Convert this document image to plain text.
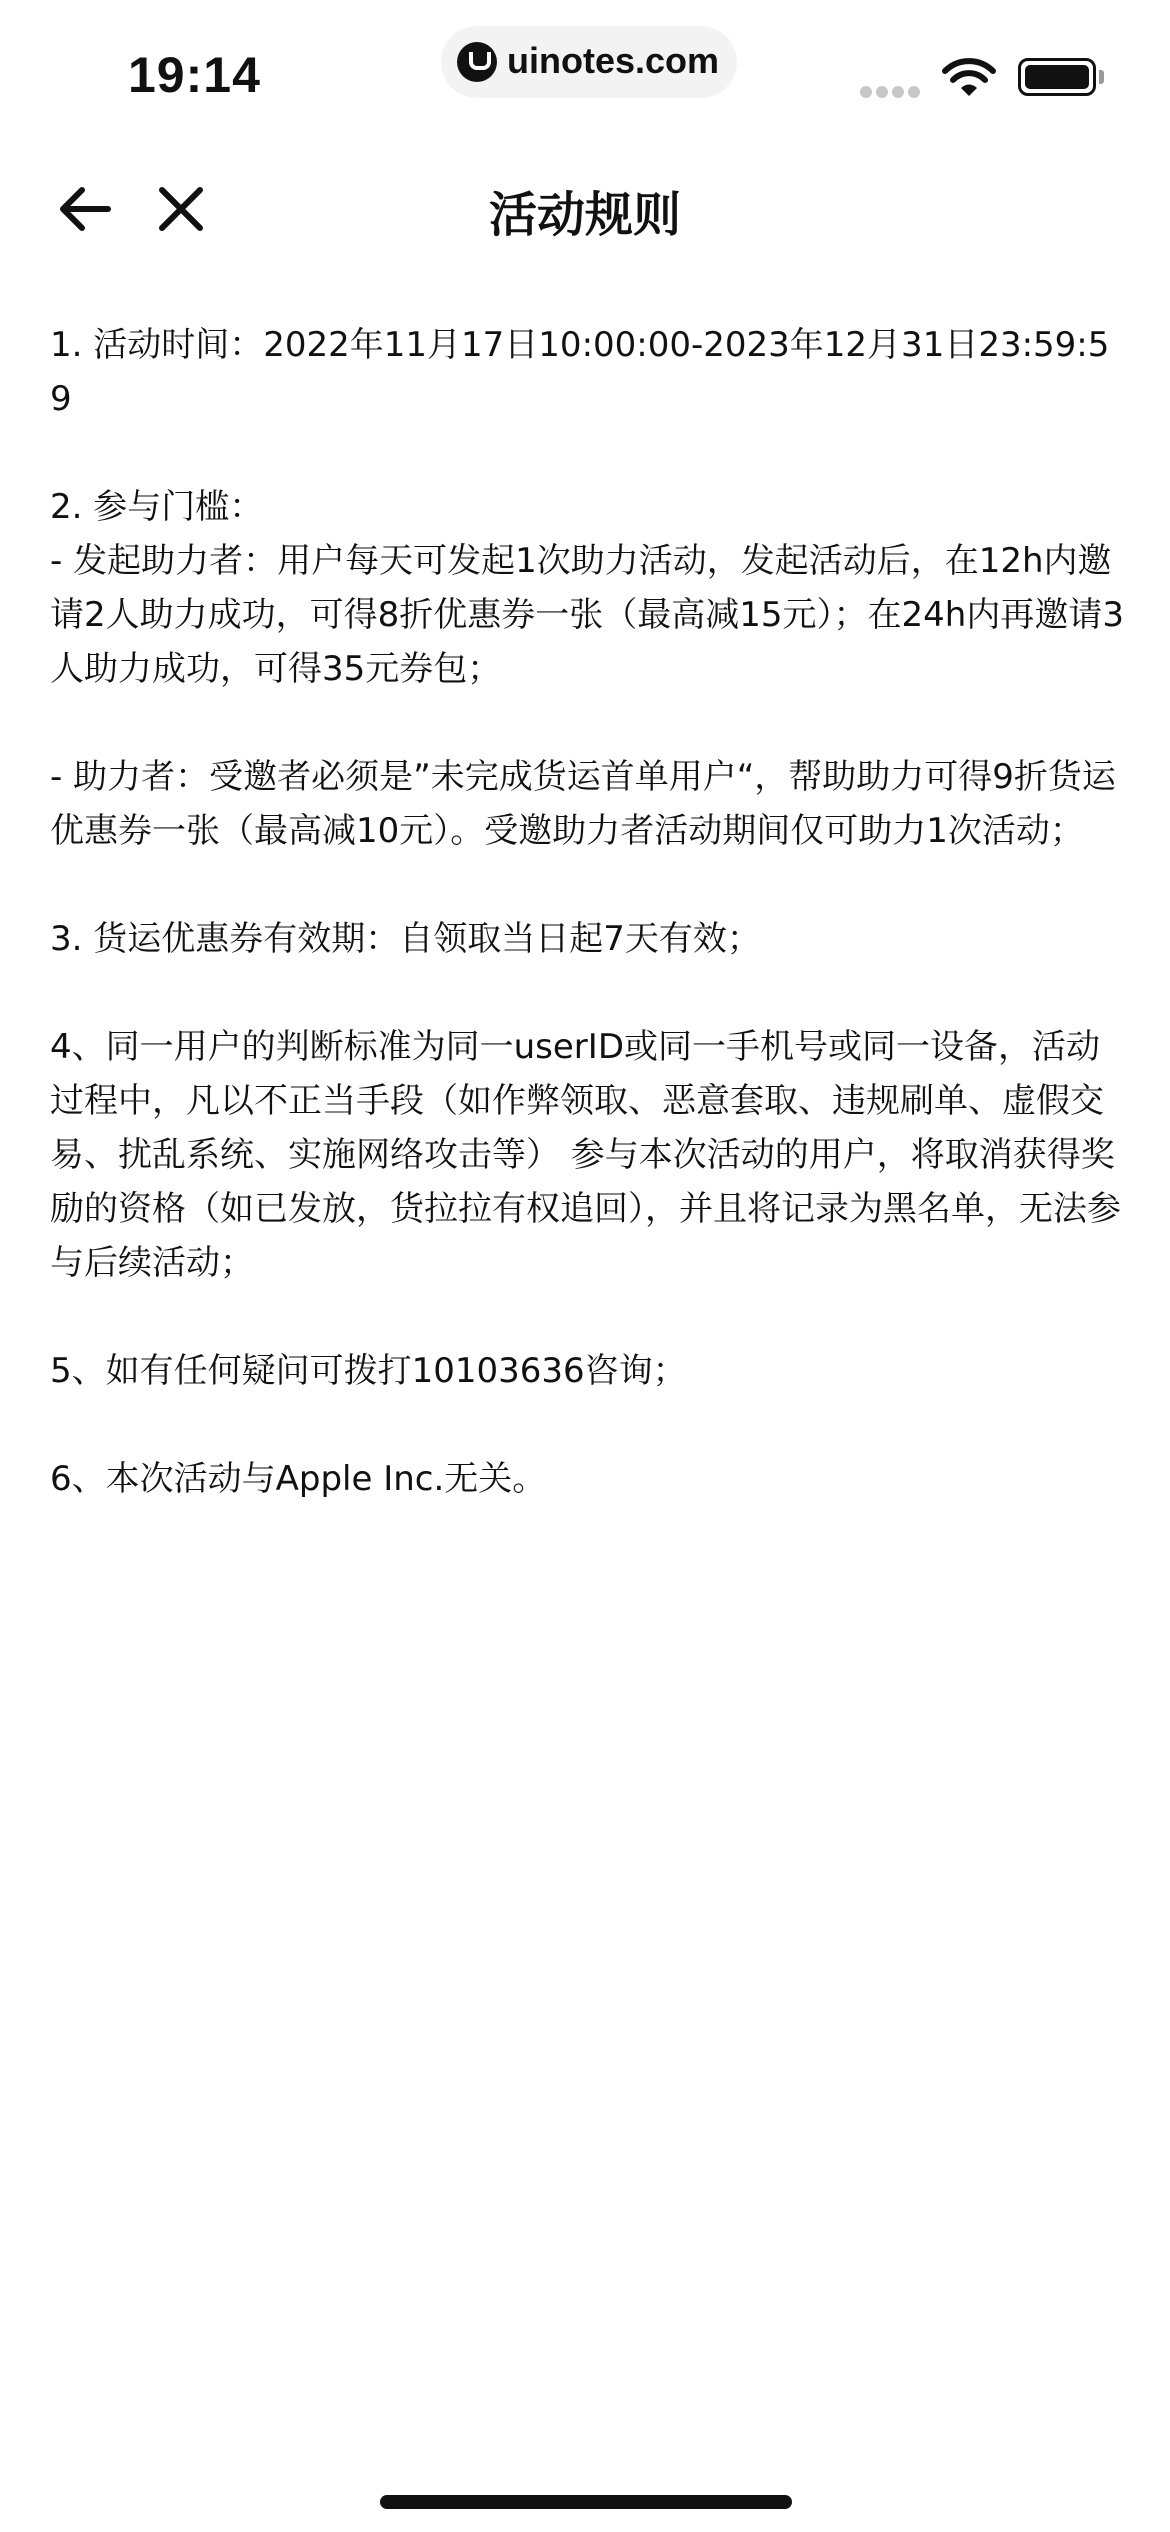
19:14	uinotes.com
活动规则

1. 活动时间：2022年11月17日10:00:00-2023年12月31日23:59:59

2. 参与门槛：

- 发起助力者：用户每天可发起1次助力活动，发起活动后，在12h内邀请2人助力成功，可得8折优惠券一张（最高减15元）；在24h内再邀请3人助力成功，可得35元券包；

- 助力者：受邀者必须是”未完成货运首单用户“，帮助助力可得9折货运优惠券一张（最高减10元）。受邀助力者活动期间仅可助力1次活动；

3. 货运优惠券有效期：自领取当日起7天有效；

4、同一用户的判断标准为同一userID或同一手机号或同一设备，活动过程中，凡以不正当手段（如作弊领取、恶意套取、违规刷单、虚假交易、扰乱系统、实施网络攻击等） 参与本次活动的用户，将取消获得奖励的资格（如已发放，货拉拉有权追回），并且将记录为黑名单，无法参与后续活动；

5、如有任何疑问可拨打10103636咨询；

6、本次活动与Apple Inc.无关。
